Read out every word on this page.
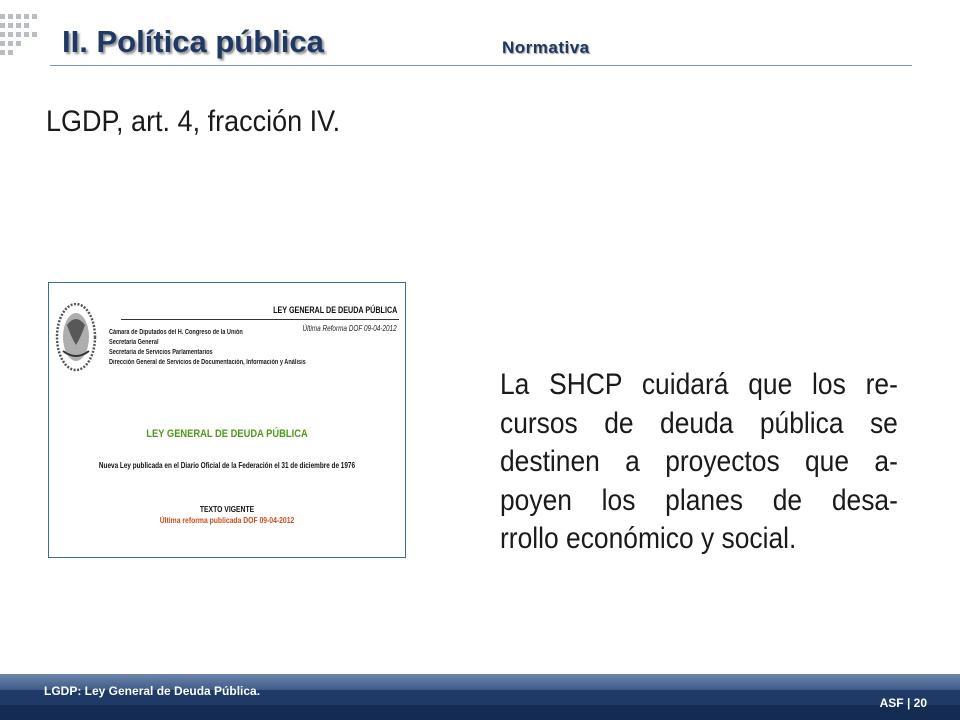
II. Política pública	Normativa
LGDP, art. 4, fracción IV.
Cámara de Diputados del H. Congreso de la Unión
Secretaría General
Secretaría de Servicios Parlamentarios
Dirección General de Servicios de Documentación, Información y Análisis
LEY GENERAL DE DEUDA PÚBLICA
Última Reforma DOF 09-04-2012
LEY GENERAL DE DEUDA PÚBLICA
Nueva Ley publicada en el Diario Oficial de la Federación el 31 de diciembre de 1976
TEXTO VIGENTE
Última reforma publicada DOF 09-04-2012
La SHCP cuidará que los re-
cursos de deuda pública se
destinen a proyectos que a-
poyen los planes de desa-
rrollo económico y social.
LGDP: Ley General de Deuda Pública.
ASF | 20
